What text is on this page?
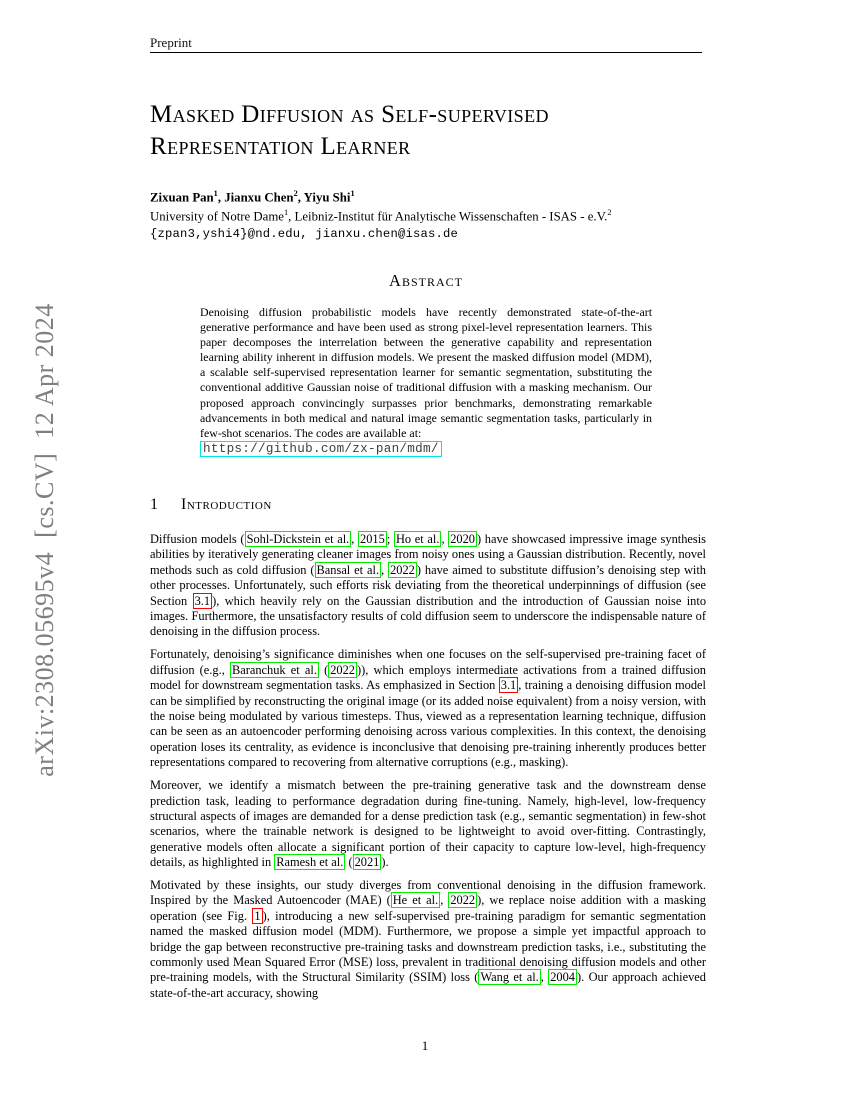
Preprint
arXiv:2308.05695v4  [cs.CV]  12 Apr 2024
Masked Diffusion as Self-supervised
Representation Learner
Zixuan Pan$^1$, Jianxu Chen$^2$, Yiyu Shi$^1$
University of Notre Dame$^1$, Leibniz-Institut für Analytische Wissenschaften - ISAS - e.V.$^2$
{zpan3,yshi4}@nd.edu, jianxu.chen@isas.de
Abstract
Denoising diffusion probabilistic models have recently demonstrated state-of-the-art generative performance and have been used as strong pixel-level representation learners. This paper decomposes the interrelation between the generative capability and representation learning ability inherent in diffusion models. We present the masked diffusion model (MDM), a scalable self-supervised representation learner for semantic segmentation, substituting the conventional additive Gaussian noise of traditional diffusion with a masking mechanism. Our proposed approach convincingly surpasses prior benchmarks, demonstrating remarkable advancements in both medical and natural image semantic segmentation tasks, particularly in few-shot scenarios. The codes are available at:
https://github.com/zx-pan/mdm/
1 Introduction

Diffusion models ( Sohl-Dickstein et al. , 2015 ; Ho et al. , 2020 ) have showcased impressive image synthesis abilities by iteratively generating cleaner images from noisy ones using a Gaussian distribution. Recently, novel methods such as cold diffusion ( Bansal et al. , 2022 ) have aimed to substitute diffusion’s denoising step with other processes. Unfortunately, such efforts risk deviating from the theoretical underpinnings of diffusion (see Section 3.1 ), which heavily rely on the Gaussian distribution and the introduction of Gaussian noise into images. Furthermore, the unsatisfactory results of cold diffusion seem to underscore the indispensable nature of denoising in the diffusion process.

Fortunately, denoising’s significance diminishes when one focuses on the self-supervised pre-training facet of diffusion (e.g., Baranchuk et al. ( 2022 )), which employs intermediate activations from a trained diffusion model for downstream segmentation tasks. As emphasized in Section 3.1 , training a denoising diffusion model can be simplified by reconstructing the original image (or its added noise equivalent) from a noisy version, with the noise being modulated by various timesteps. Thus, viewed as a representation learning technique, diffusion can be seen as an autoencoder performing denoising across various complexities. In this context, the denoising operation loses its centrality, as evidence is inconclusive that denoising pre-training inherently produces better representations compared to recovering from alternative corruptions (e.g., masking).

Moreover, we identify a mismatch between the pre-training generative task and the downstream dense prediction task, leading to performance degradation during fine-tuning. Namely, high-level, low-frequency structural aspects of images are demanded for a dense prediction task (e.g., semantic segmentation) in few-shot scenarios, where the trainable network is designed to be lightweight to avoid over-fitting. Contrastingly, generative models often allocate a significant portion of their capacity to capture low-level, high-frequency details, as highlighted in Ramesh et al. ( 2021 ).

Motivated by these insights, our study diverges from conventional denoising in the diffusion framework. Inspired by the Masked Autoencoder (MAE) ( He et al. , 2022 ), we replace noise addition with a masking operation (see Fig. 1 ), introducing a new self-supervised pre-training paradigm for semantic segmentation named the masked diffusion model (MDM). Furthermore, we propose a simple yet impactful approach to bridge the gap between reconstructive pre-training tasks and downstream prediction tasks, i.e., substituting the commonly used Mean Squared Error (MSE) loss, prevalent in traditional denoising diffusion models and other pre-training models, with the Structural Similarity (SSIM) loss ( Wang et al. , 2004 ). Our approach achieved state-of-the-art accuracy, showing

1
